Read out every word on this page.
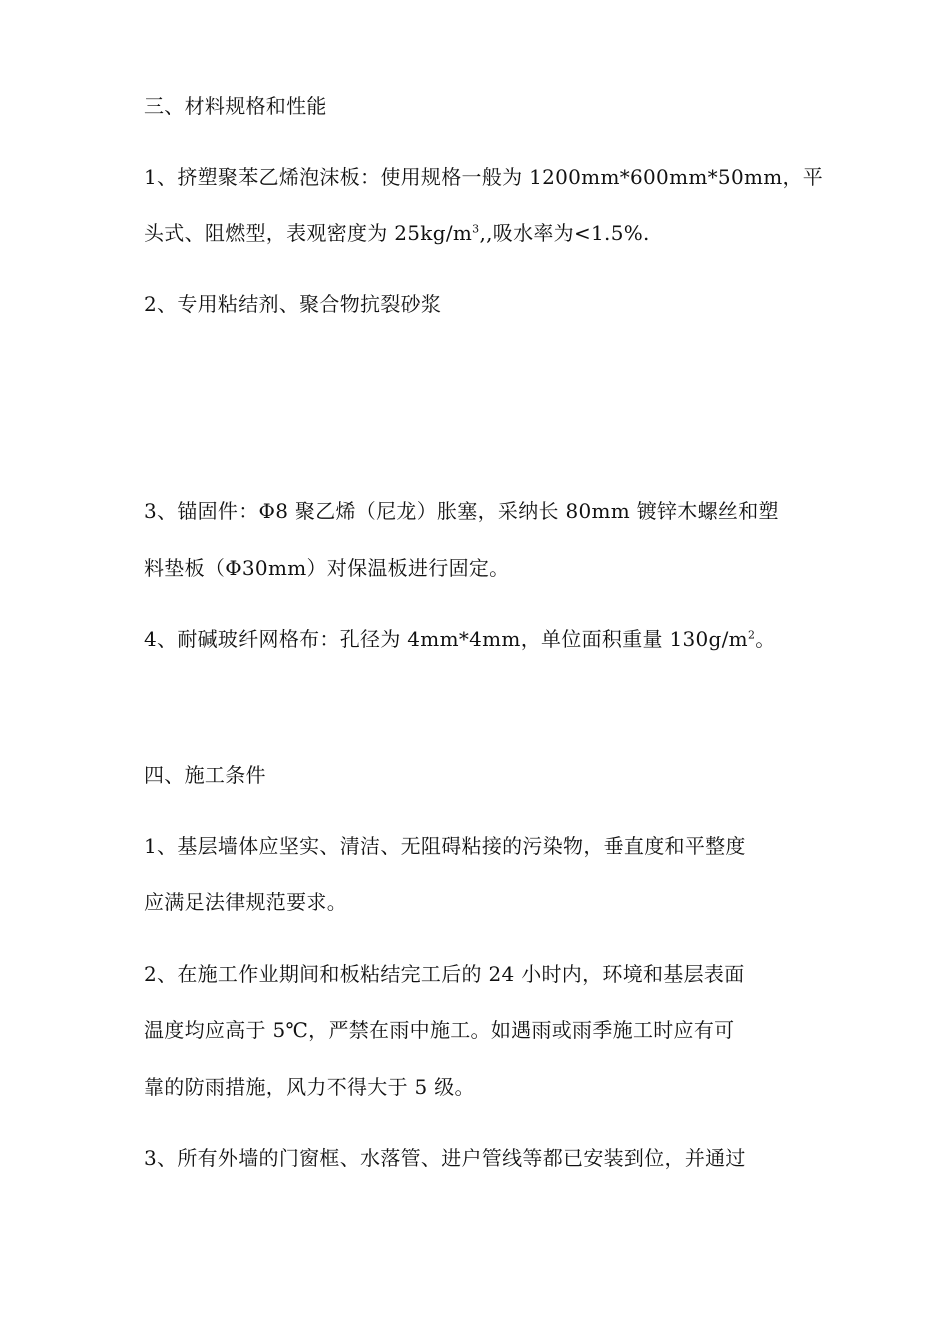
三、材料规格和性能
1、挤塑聚苯乙烯泡沫板：使用规格一般为 1200mm*600mm*50mm，平
头式、阻燃型，表观密度为 $25kg/m^3$,,吸水率为<1.5%.
2、专用粘结剂、聚合物抗裂砂浆
3、锚固件：Φ8 聚乙烯（尼龙）胀塞，采纳长 80mm 镀锌木螺丝和塑
料垫板（Φ30mm）对保温板进行固定。
4、耐碱玻纤网格布：孔径为 4mm*4mm，单位面积重量 $130g/m^2$。
四、施工条件
1、基层墙体应坚实、清洁、无阻碍粘接的污染物，垂直度和平整度
应满足法律规范要求。
2、在施工作业期间和板粘结完工后的 24 小时内，环境和基层表面
温度均应高于 5℃，严禁在雨中施工。如遇雨或雨季施工时应有可
靠的防雨措施，风力不得大于 5 级。
3、所有外墙的门窗框、水落管、进户管线等都已安装到位，并通过
